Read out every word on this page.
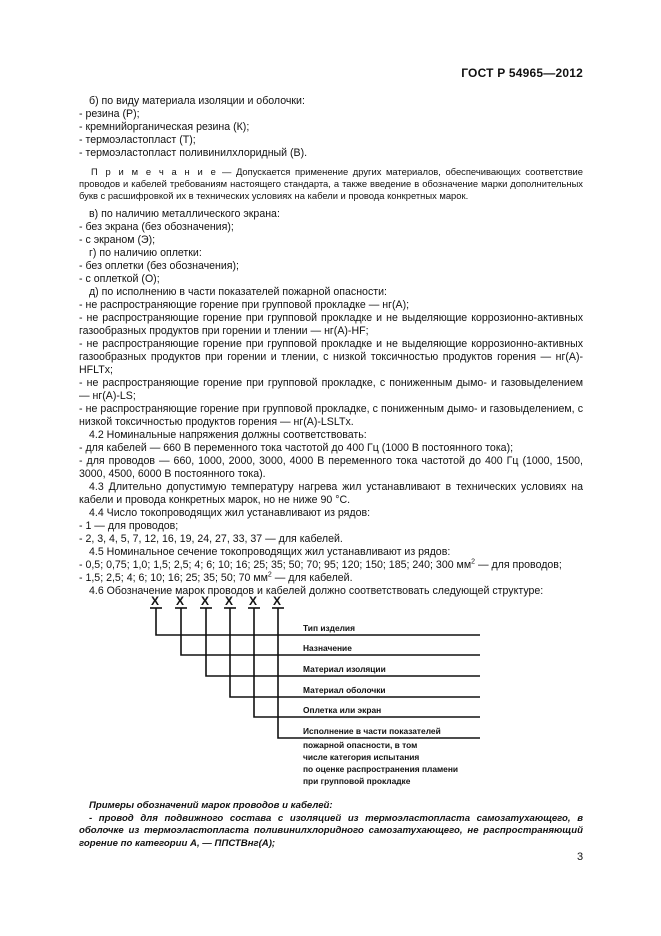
ГОСТ Р 54965—2012

б) по виду материала изоляции и оболочки:

- резина (Р);

- кремнийорганическая резина (К);

- термоэластопласт (Т);

- термоэластопласт поливинилхлоридный (В).

П р и м е ч а н и е — Допускается применение других материалов, обеспечивающих соответствие проводов и кабелей требованиям настоящего стандарта, а также введение в обозначение марки дополнительных букв с расшифровкой их в технических условиях на кабели и провода конкретных марок.

в) по наличию металлического экрана:

- без экрана (без обозначения);

- с экраном (Э);

г) по наличию оплетки:

- без оплетки (без обозначения);

- с оплеткой (О);

д) по исполнению в части показателей пожарной опасности:

- не распространяющие горение при групповой прокладке — нг(А);

- не распространяющие горение при групповой прокладке и не выделяющие коррозионно-активных газообразных продуктов при горении и тлении — нг(А)-HF;

- не распространяющие горение при групповой прокладке и не выделяющие коррозионно-активных газообразных продуктов при горении и тлении, с низкой токсичностью продуктов горения — нг(А)-HFLTx;

- не распространяющие горение при групповой прокладке, с пониженным дымо- и газовыделением — нг(А)-LS;

- не распространяющие горение при групповой прокладке, с пониженным дымо- и газовыделением, с низкой токсичностью продуктов горения — нг(А)-LSLTx.

4.2 Номинальные напряжения должны соответствовать:

- для кабелей — 660 В переменного тока частотой до 400 Гц (1000 В постоянного тока);

- для проводов — 660, 1000, 2000, 3000, 4000 В переменного тока частотой до 400 Гц (1000, 1500, 3000, 4500, 6000 В постоянного тока).

4.3 Длительно допустимую температуру нагрева жил устанавливают в технических условиях на кабели и провода конкретных марок, но не ниже 90 °С.

4.4 Число токопроводящих жил устанавливают из рядов:

- 1 — для проводов;

- 2, 3, 4, 5, 7, 12, 16, 19, 24, 27, 33, 37 — для кабелей.

4.5 Номинальное сечение токопроводящих жил устанавливают из рядов:

- 0,5; 0,75; 1,0; 1,5; 2,5; 4; 6; 10; 16; 25; 35; 50; 70; 95; 120; 150; 185; 240; 300 $мм^2$ — для проводов;

- 1,5; 2,5; 4; 6; 10; 16; 25; 35; 50; 70 $мм^2$ — для кабелей.

4.6 Обозначение марок проводов и кабелей должно соответствовать следующей структуре:

Х Х Х Х Х Х
Тип изделия
Назначение
Материал изоляции
Материал оболочки
Оплетка или экран
Исполнение в части показателей
пожарной опасности, в том
числе категория испытания
по оценке распространения пламени
при групповой прокладке

Примеры обозначений марок проводов и кабелей:

- провод для подвижного состава с изоляцией из термоэластопласта самозатухающего, в оболочке из термоэластопласта поливинилхлоридного самозатухающего, не распространяющий горение по категории А, — ППСТВнг(А);

3
